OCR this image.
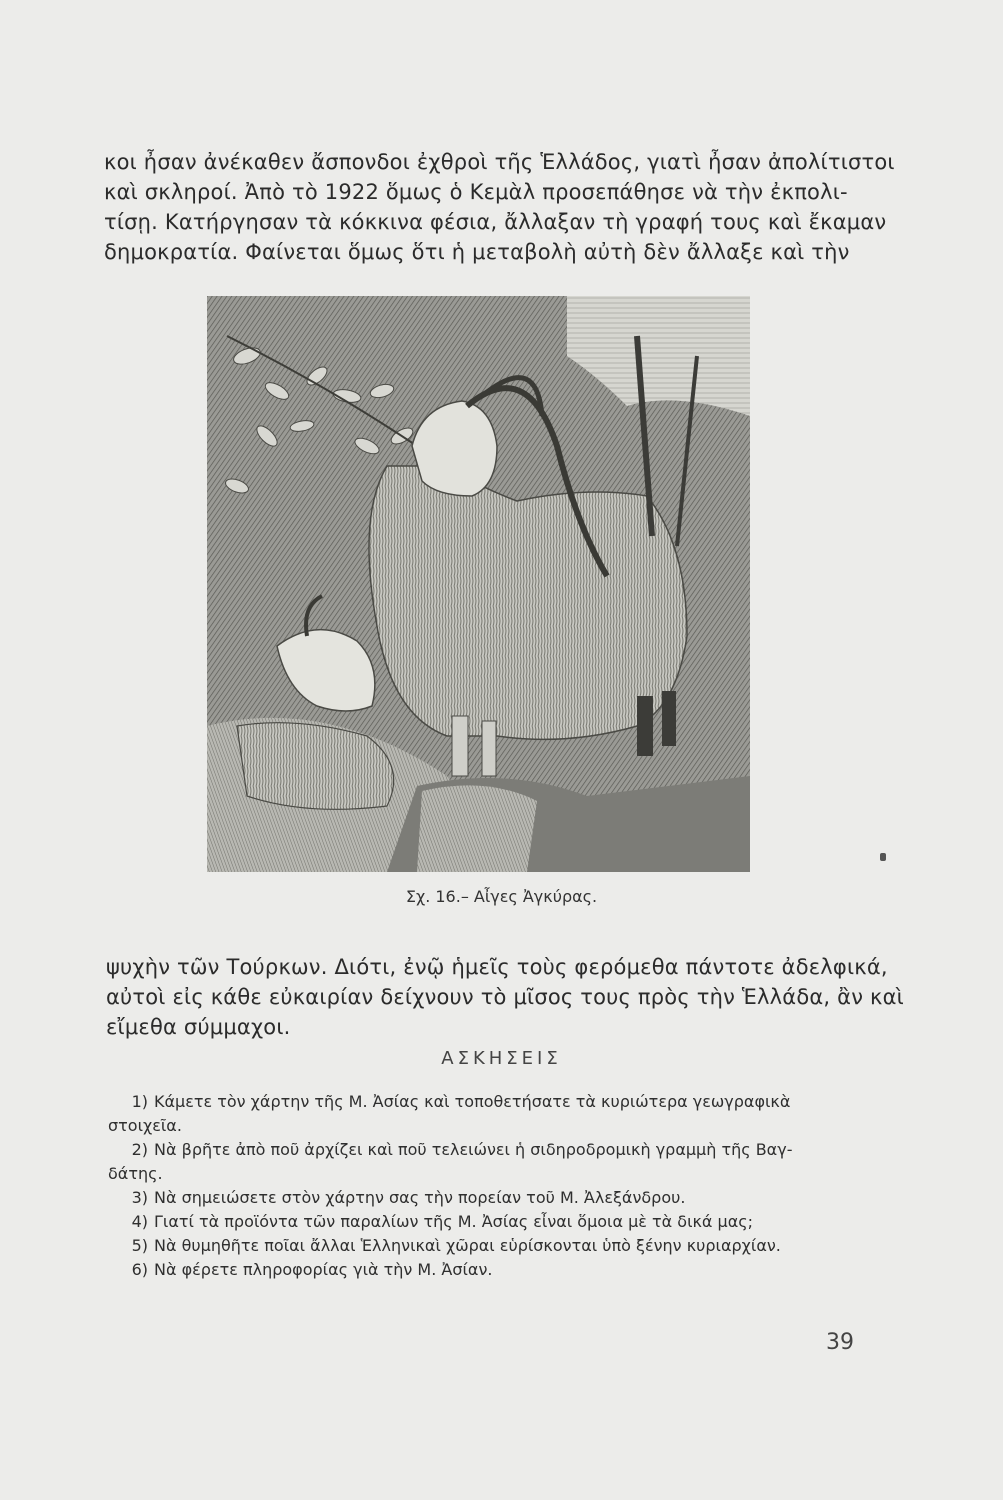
κοι ἦσαν ἀνέκαθεν ἄσπονδοι ἐχθροὶ τῆς Ἑλλάδος, γιατὶ ἦσαν ἀπολίτιστοι
καὶ σκληροί. Ἀπὸ τὸ 1922 ὅμως ὁ Κεμὰλ προσεπάθησε νὰ τὴν ἐκπολι-
τίσῃ. Κατήργησαν τὰ κόκκινα φέσια, ἄλλαξαν τὴ γραφή τους καὶ ἔκαμαν
δημοκρατία. Φαίνεται ὅμως ὅτι ἡ μεταβολὴ αὐτὴ δὲν ἄλλαξε καὶ τὴν

Σχ. 16.– Αἶγες Ἀγκύρας.

ψυχὴν τῶν Τούρκων. Διότι, ἐνῷ ἡμεῖς τοὺς φερόμεθα πάντοτε ἀδελφικά,
αὐτοὶ εἰς κάθε εὐκαιρίαν δείχνουν τὸ μῖσος τους πρὸς τὴν Ἑλλάδα, ἂν καὶ
εἴμεθα σύμμαχοι.

ΑΣΚΗΣΕΙΣ
1) Κάμετε τὸν χάρτην τῆς Μ. Ἀσίας καὶ τοποθετήσατε τὰ κυριώτερα γεωγραφικὰ
στοιχεῖα.
2) Νὰ βρῆτε ἀπὸ ποῦ ἀρχίζει καὶ ποῦ τελειώνει ἡ σιδηροδρομικὴ γραμμὴ τῆς Βαγ-
δάτης.
3) Νὰ σημειώσετε στὸν χάρτην σας τὴν πορείαν τοῦ Μ. Ἀλεξάνδρου.
4) Γιατί τὰ προϊόντα τῶν παραλίων τῆς Μ. Ἀσίας εἶναι ὅμοια μὲ τὰ δικά μας;
5) Νὰ θυμηθῆτε ποῖαι ἄλλαι Ἑλληνικαὶ χῶραι εὑρίσκονται ὑπὸ ξένην κυριαρχίαν.
6) Νὰ φέρετε πληροφορίας γιὰ τὴν Μ. Ἀσίαν.
39
